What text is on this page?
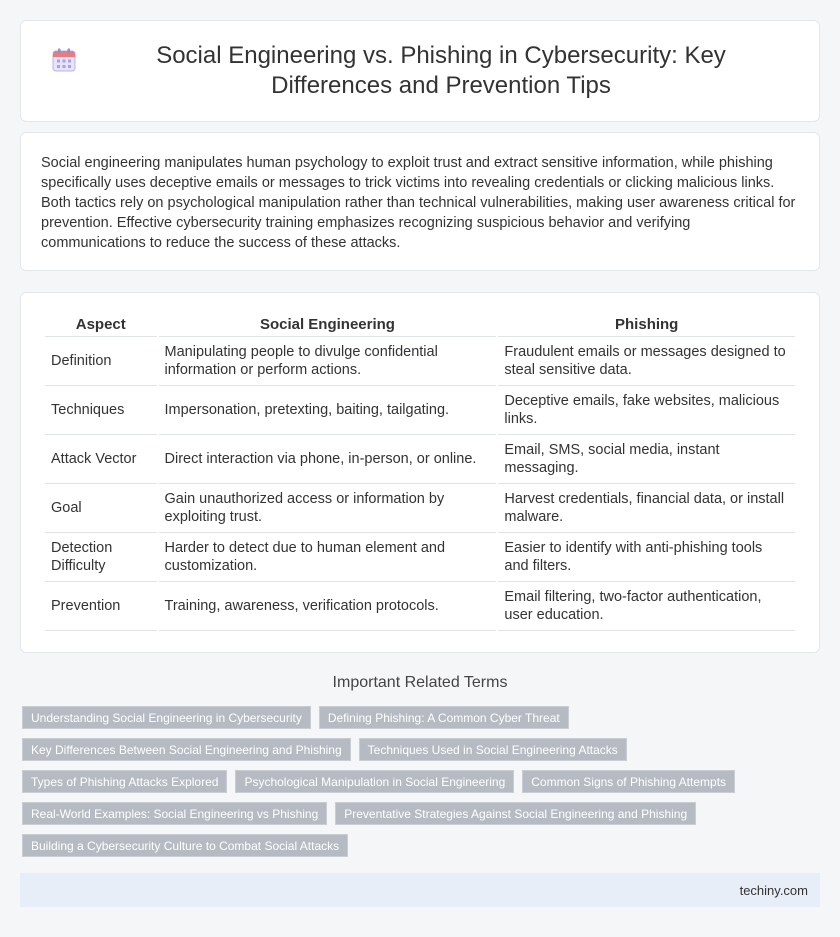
Social Engineering vs. Phishing in Cybersecurity: Key Differences and Prevention Tips

Social engineering manipulates human psychology to exploit trust and extract sensitive information, while phishing specifically uses deceptive emails or messages to trick victims into revealing credentials or clicking malicious links. Both tactics rely on psychological manipulation rather than technical vulnerabilities, making user awareness critical for prevention. Effective cybersecurity training emphasizes recognizing suspicious behavior and verifying communications to reduce the success of these attacks.

Aspect	Social Engineering	Phishing
Definition	Manipulating people to divulge confidential information or perform actions.	Fraudulent emails or messages designed to steal sensitive data.
Techniques	Impersonation, pretexting, baiting, tailgating.	Deceptive emails, fake websites, malicious links.
Attack Vector	Direct interaction via phone, in-person, or online.	Email, SMS, social media, instant messaging.
Goal	Gain unauthorized access or information by exploiting trust.	Harvest credentials, financial data, or install malware.
Detection Difficulty	Harder to detect due to human element and customization.	Easier to identify with anti-phishing tools and filters.
Prevention	Training, awareness, verification protocols.	Email filtering, two-factor authentication, user education.
Important Related Terms
Understanding Social Engineering in Cybersecurity	Defining Phishing: A Common Cyber Threat
Key Differences Between Social Engineering and Phishing	Techniques Used in Social Engineering Attacks
Types of Phishing Attacks Explored	Psychological Manipulation in Social Engineering	Common Signs of Phishing Attempts
Real-World Examples: Social Engineering vs Phishing	Preventative Strategies Against Social Engineering and Phishing
Building a Cybersecurity Culture to Combat Social Attacks
techiny.com
